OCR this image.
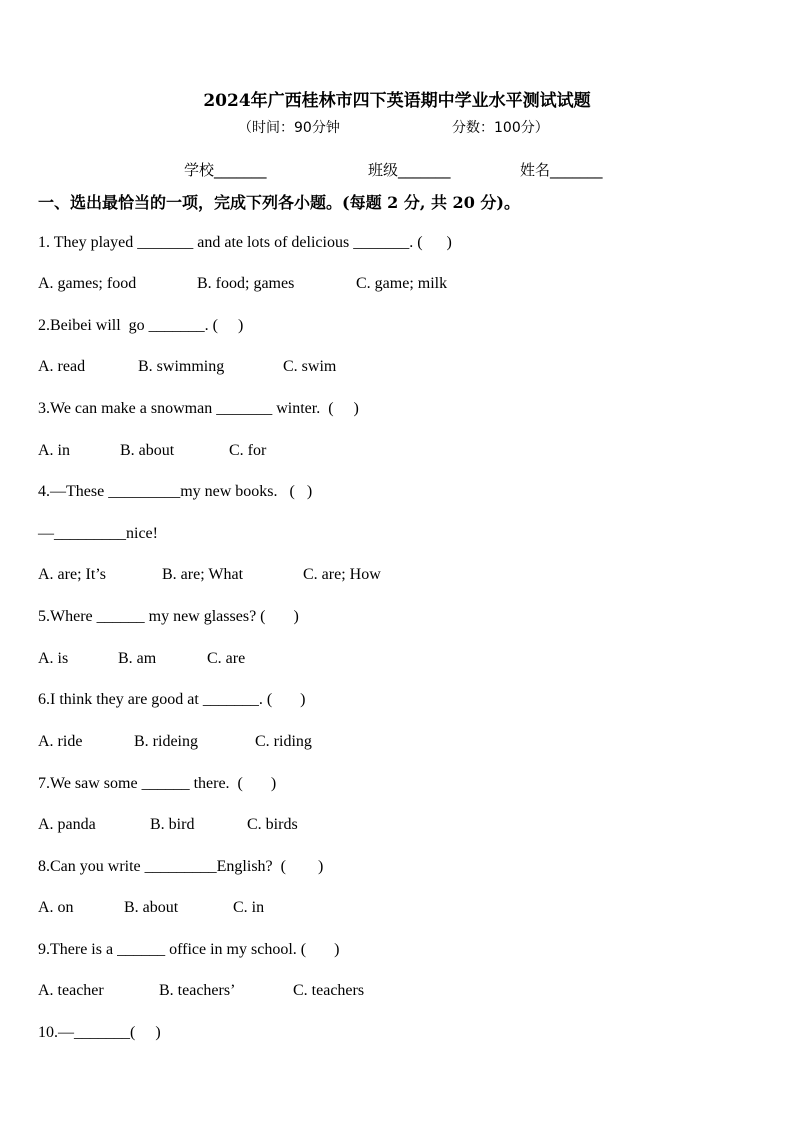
2024年广西桂林市四下英语期中学业水平测试试题
（时间：90分钟	分数：100分）
学校_______	班级_______	姓名_______
一、选出最恰当的一项，完成下列各小题。(每题 2 分, 共 20 分)。
1. They played _______ and ate lots of delicious _______. (      )
A. games; food	B. food; games	C. game; milk
2.Beibei will  go _______. (     )
A. read	B. swimming	C. swim
3.We can make a snowman _______ winter.  (     )
A. in	B. about	C. for
4.—These _________my new books.   (   )
—_________nice!
A. are; It’s	B. are; What	C. are; How
5.Where ______ my new glasses? (       )
A. is	B. am	C. are
6.I think they are good at _______. (       )
A. ride	B. rideing	C. riding
7.We saw some ______ there.  (       )
A. panda	B. bird	C. birds
8.Can you write _________English?  (        )
A. on	B. about	C. in
9.There is a ______ office in my school. (       )
A. teacher	B. teachers’	C. teachers
10.—_______(     )
